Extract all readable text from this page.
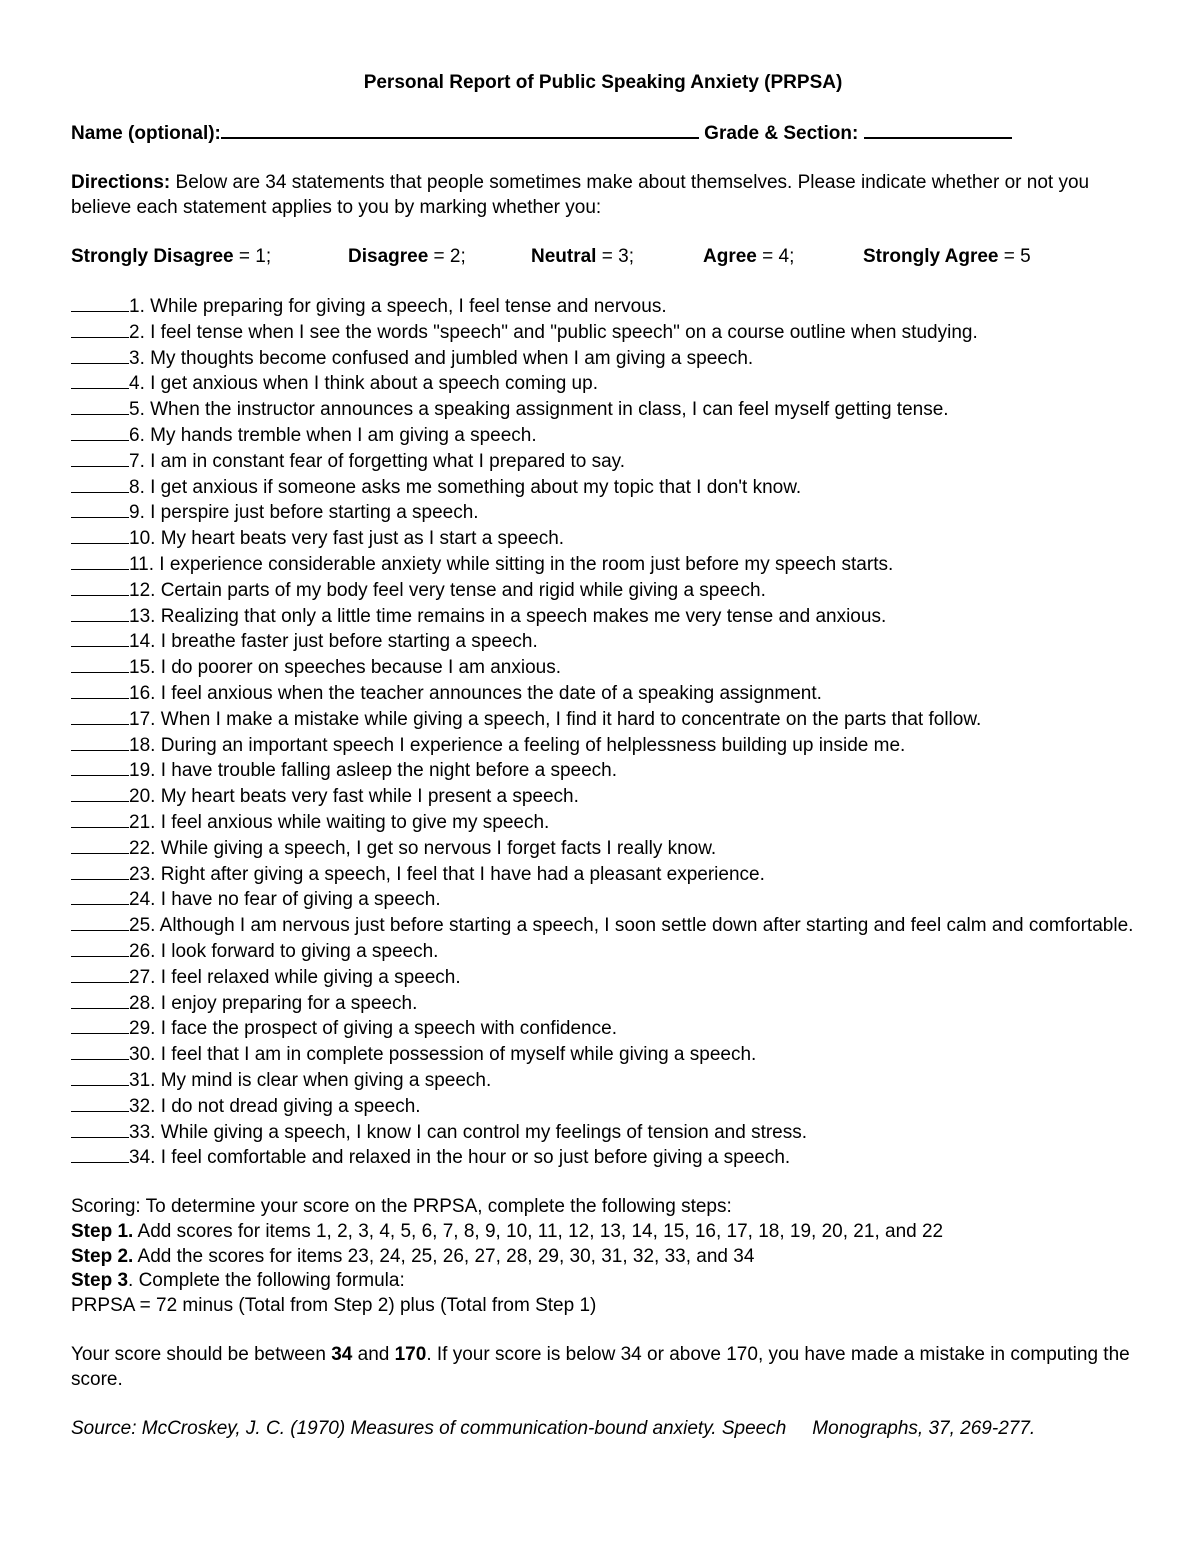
Personal Report of Public Speaking Anxiety (PRPSA)
Name (optional):	Grade & Section:
Directions: Below are 34 statements that people sometimes make about themselves. Please indicate whether or not you believe each statement applies to you by marking whether you:
Strongly Disagree = 1;	Disagree = 2;	Neutral = 3;	Agree = 4;	Strongly Agree = 5
1. While preparing for giving a speech, I feel tense and nervous.
2. I feel tense when I see the words "speech" and "public speech" on a course outline when studying.
3. My thoughts become confused and jumbled when I am giving a speech.
4. I get anxious when I think about a speech coming up.
5. When the instructor announces a speaking assignment in class, I can feel myself getting tense.
6. My hands tremble when I am giving a speech.
7. I am in constant fear of forgetting what I prepared to say.
8. I get anxious if someone asks me something about my topic that I don't know.
9. I perspire just before starting a speech.
10. My heart beats very fast just as I start a speech.
11. I experience considerable anxiety while sitting in the room just before my speech starts.
12. Certain parts of my body feel very tense and rigid while giving a speech.
13. Realizing that only a little time remains in a speech makes me very tense and anxious.
14. I breathe faster just before starting a speech.
15. I do poorer on speeches because I am anxious.
16. I feel anxious when the teacher announces the date of a speaking assignment.
17. When I make a mistake while giving a speech, I find it hard to concentrate on the parts that follow.
18. During an important speech I experience a feeling of helplessness building up inside me.
19. I have trouble falling asleep the night before a speech.
20. My heart beats very fast while I present a speech.
21. I feel anxious while waiting to give my speech.
22. While giving a speech, I get so nervous I forget facts I really know.
23. Right after giving a speech, I feel that I have had a pleasant experience.
24. I have no fear of giving a speech.
25. Although I am nervous just before starting a speech, I soon settle down after starting and feel calm and comfortable.
26. I look forward to giving a speech.
27. I feel relaxed while giving a speech.
28. I enjoy preparing for a speech.
29. I face the prospect of giving a speech with confidence.
30. I feel that I am in complete possession of myself while giving a speech.
31. My mind is clear when giving a speech.
32. I do not dread giving a speech.
33. While giving a speech, I know I can control my feelings of tension and stress.
34. I feel comfortable and relaxed in the hour or so just before giving a speech.

Scoring: To determine your score on the PRPSA, complete the following steps:

Step 1. Add scores for items 1, 2, 3, 4, 5, 6, 7, 8, 9, 10, 11, 12, 13, 14, 15, 16, 17, 18, 19, 20, 21, and 22

Step 2. Add the scores for items 23, 24, 25, 26, 27, 28, 29, 30, 31, 32, 33, and 34

Step 3. Complete the following formula:

PRPSA = 72 minus (Total from Step 2) plus (Total from Step 1)

Your score should be between 34 and 170. If your score is below 34 or above 170, you have made a mistake in computing the score.
Source: McCroskey, J. C. (1970) Measures of communication-bound anxiety. Speech Monographs, 37, 269-277.
